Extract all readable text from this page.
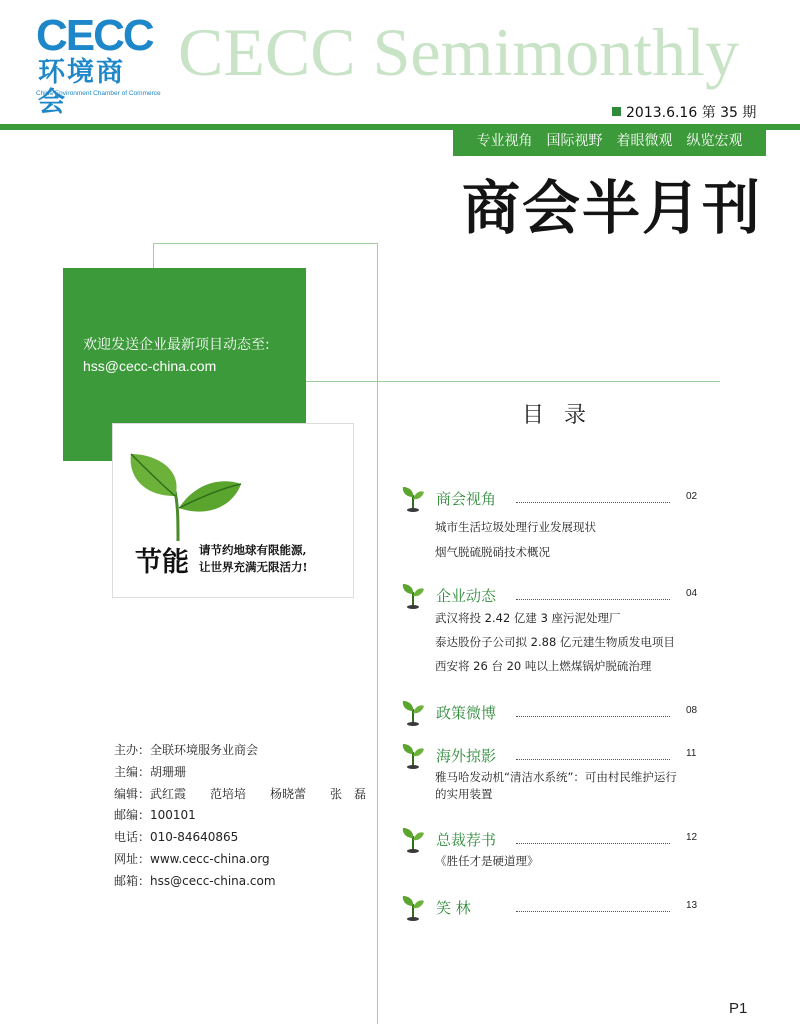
CECC
环境商会
China Environment Chamber of Commerce
CECC Semimonthly
2013.6.16 第 35 期
专业视角　国际视野　着眼微观　纵览宏观
商会半月刊
欢迎发送企业最新项目动态至:
hss@cecc-china.com
节能 请节约地球有限能源,
让世界充满无限活力!
目录
商会视角	02
城市生活垃圾处理行业发展现状
烟气脱硫脱硝技术概况
企业动态	04
武汉将投 2.42 亿建 3 座污泥处理厂
泰达股份子公司拟 2.88 亿元建生物质发电项目
西安将 26 台 20 吨以上燃煤锅炉脱硫治理
政策微博	08
海外掠影	11
雅马哈发动机“清洁水系统”：可由村民维护运行
的实用装置
总裁荐书	12
《胜任才是硬道理》
笑 林	13
主办：全联环境服务业商会
主编：胡珊珊
编辑：武红霞　　范培培　　杨晓蕾　　张　磊
邮编：100101
电话：010-84640865
网址：www.cecc-china.org
邮箱：hss@cecc-china.com
P1
